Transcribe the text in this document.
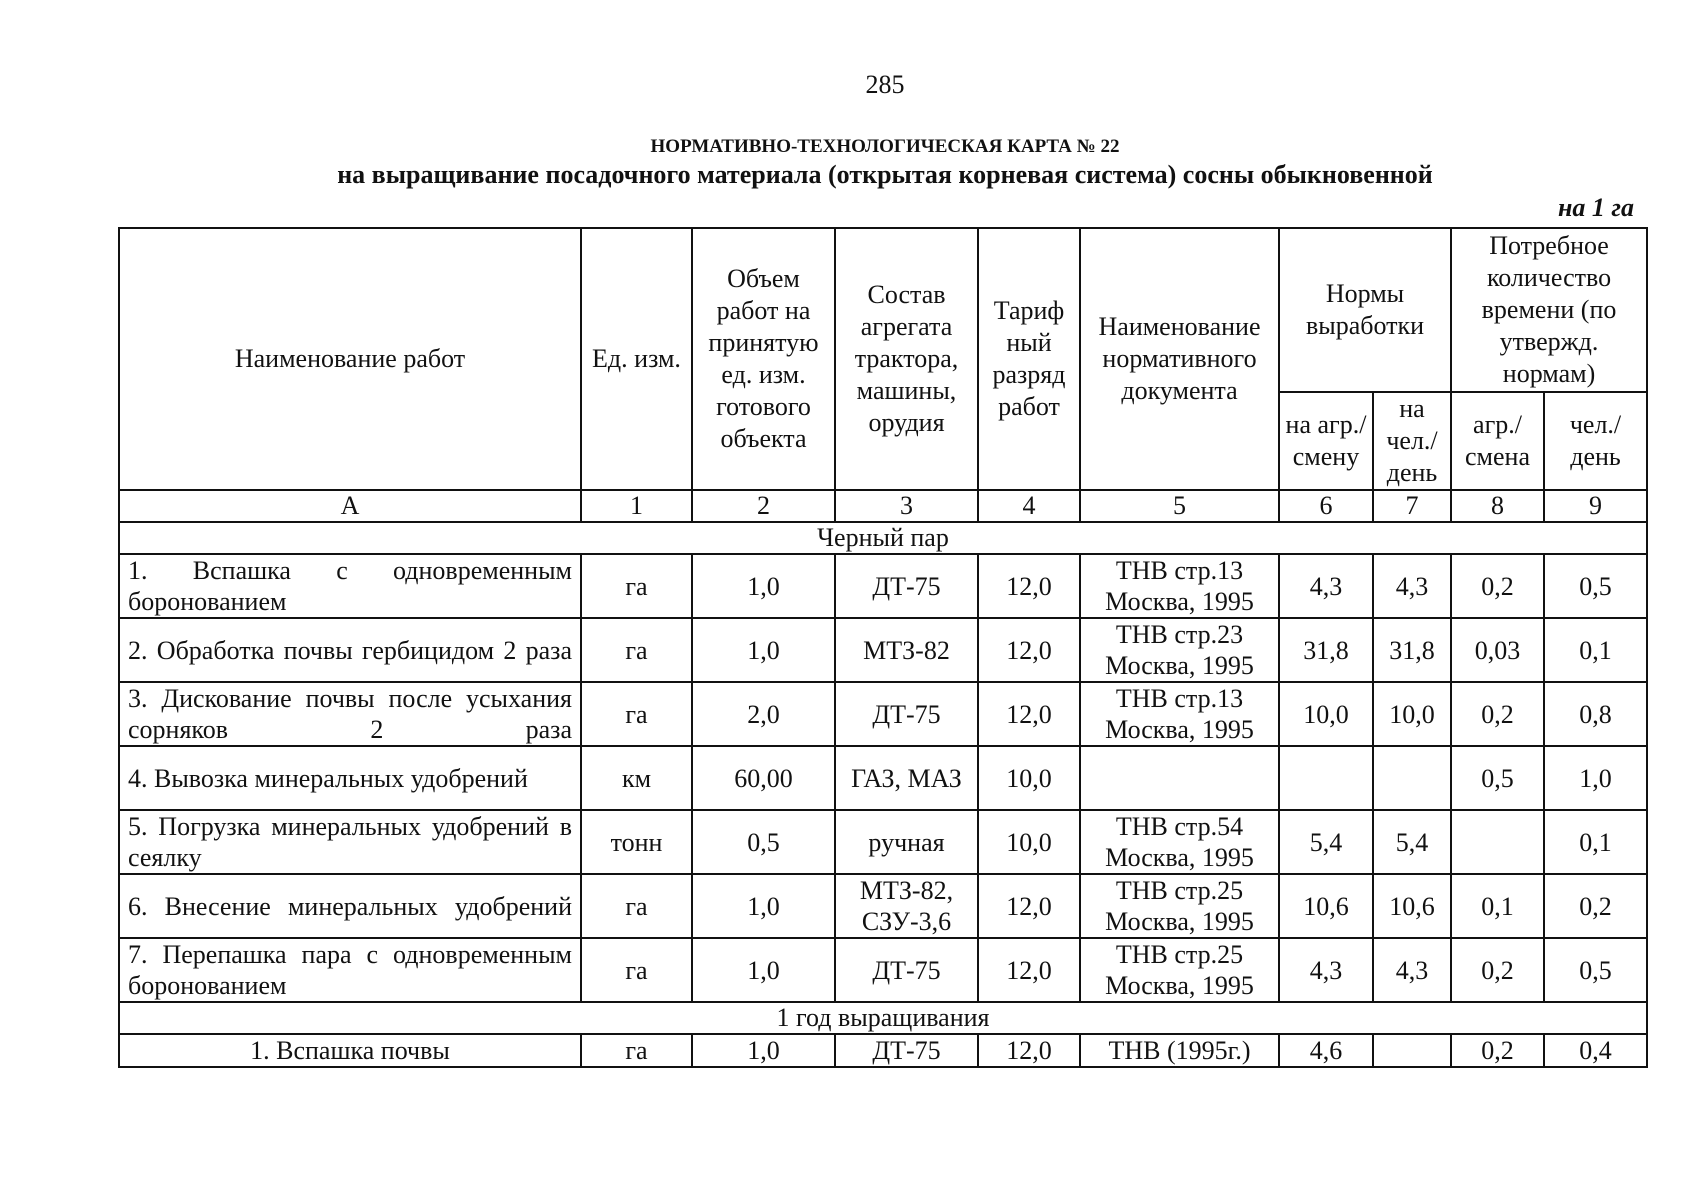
285
НОРМАТИВНО-ТЕХНОЛОГИЧЕСКАЯ КАРТА № 22
на выращивание посадочного материала (открытая корневая система) сосны обыкновенной
на 1 га
Наименование работ	Ед. изм.	Объем работ на принятую ед. изм. готового объекта	Состав агрегата трактора, машины, орудия	Тариф ный разряд работ	Наименование нормативного документа	Нормы выработки		Потребное количество времени (по утвержд. нормам)	
						на агр./ смену	на чел./ день	агр./ смена	чел./ день
А	1	2	3	4	5	6	7	8	9
Черный пар									
1. Вспашка с одновременным боронованием	га	1,0	ДТ-75	12,0	ТНВ стр.13 Москва, 1995	4,3	4,3	0,2	0,5
2. Обработка почвы гербицидом 2 раза	га	1,0	МТЗ-82	12,0	ТНВ стр.23 Москва, 1995	31,8	31,8	0,03	0,1
3. Дискование почвы после усыхания сорняков 2 раза	га	2,0	ДТ-75	12,0	ТНВ стр.13 Москва, 1995	10,0	10,0	0,2	0,8
4. Вывозка минеральных удобрений	км	60,00	ГАЗ, МАЗ	10,0				0,5	1,0
5. Погрузка минеральных удобрений в сеялку	тонн	0,5	ручная	10,0	ТНВ стр.54 Москва, 1995	5,4	5,4		0,1
6. Внесение минеральных удобрений	га	1,0	МТЗ-82, СЗУ-3,6	12,0	ТНВ стр.25 Москва, 1995	10,6	10,6	0,1	0,2
7. Перепашка пара с одновременным боронованием	га	1,0	ДТ-75	12,0	ТНВ стр.25 Москва, 1995	4,3	4,3	0,2	0,5
1 год выращивания									
1. Вспашка почвы	га	1,0	ДТ-75	12,0	ТНВ (1995г.)	4,6		0,2	0,4
